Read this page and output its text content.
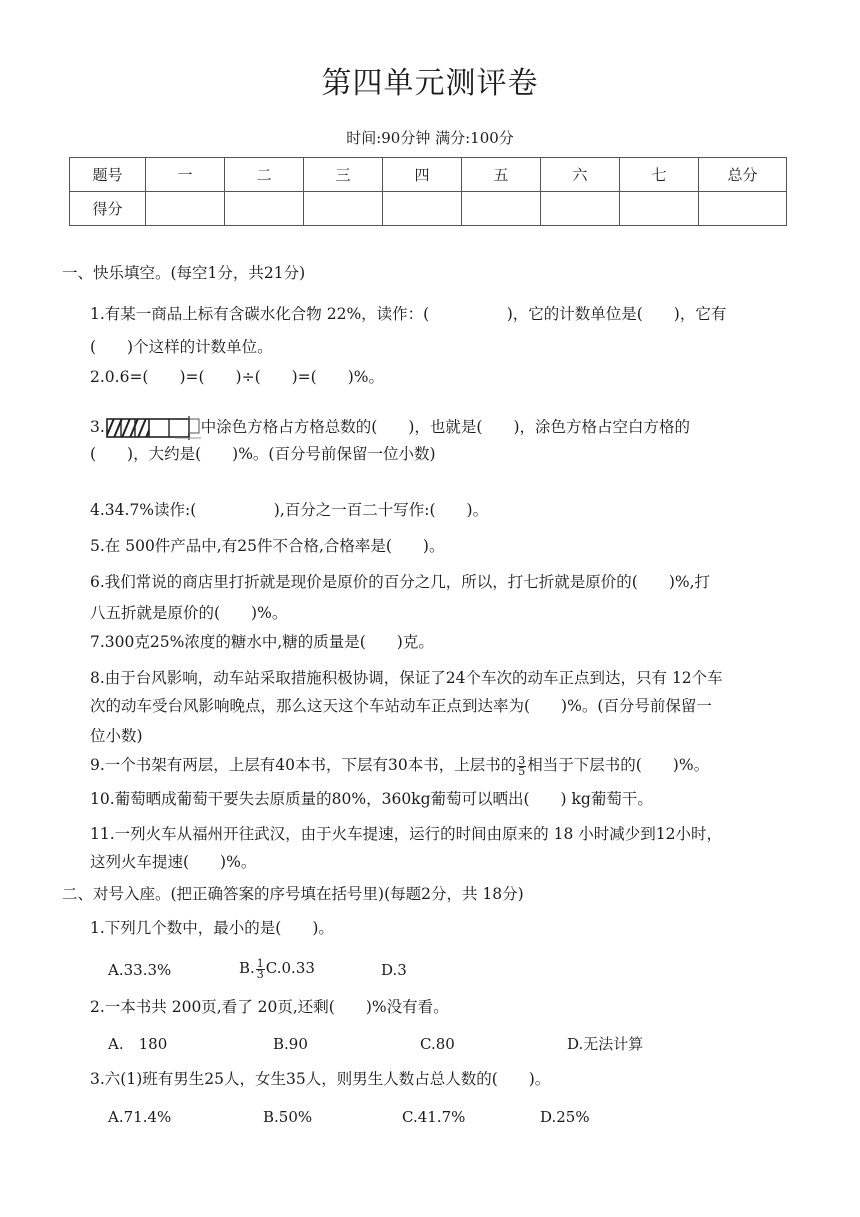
第四单元测评卷
时间:90分钟 满分:100分
题号	一	二	三	四	五	六	七	总分
得分								
一、快乐填空。(每空1分，共21分)
1.有某一商品上标有含碳水化合物 22%，读作：(　　　　　)，它的计数单位是(　　)，它有
(　　)个这样的计数单位。
2.0.6=(　　)=(　　)÷(　　)=(　　)%。
3.	中涂色方格占方格总数的(　　)，也就是(　　)，涂色方格占空白方格的
(　　)，大约是(　　)%。(百分号前保留一位小数)
4.34.7%读作:(　　　　　),百分之一百二十写作:(　　)。
5.在 500件产品中,有25件不合格,合格率是(　　)。
6.我们常说的商店里打折就是现价是原价的百分之几，所以，打七折就是原价的(　　)%,打
八五折就是原价的(　　)%。
7.300克25%浓度的糖水中,糖的质量是(　　)克。
8.由于台风影响，动车站采取措施积极协调，保证了24个车次的动车正点到达，只有 12个车
次的动车受台风影响晚点，那么这天这个车站动车正点到达率为(　　)%。(百分号前保留一
位小数)
9.一个书架有两层，上层有40本书，下层有30本书，上层书的 $\frac{3}{5}$ 相当于下层书的(　　)%。
10.葡萄晒成葡萄干要失去原质量的80%，360kg葡萄可以晒出(　　) kg葡萄干。
11.一列火车从福州开往武汉，由于火车提速，运行的时间由原来的 18 小时减少到12小时，
这列火车提速(　　)%。
二、对号入座。(把正确答案的序号填在括号里)(每题2分，共 18分)
1.下列几个数中，最小的是(　　)。
A.33.3%	B. $\frac{1}{3} C.0.33$	D.3
2.一本书共 200页,看了 20页,还剩(　　)%没有看。
A.　180	B.90	C.80	D.无法计算
3.六(1)班有男生25人，女生35人，则男生人数占总人数的(　　)。
A.71.4%	B.50%	C.41.7%	D.25%
